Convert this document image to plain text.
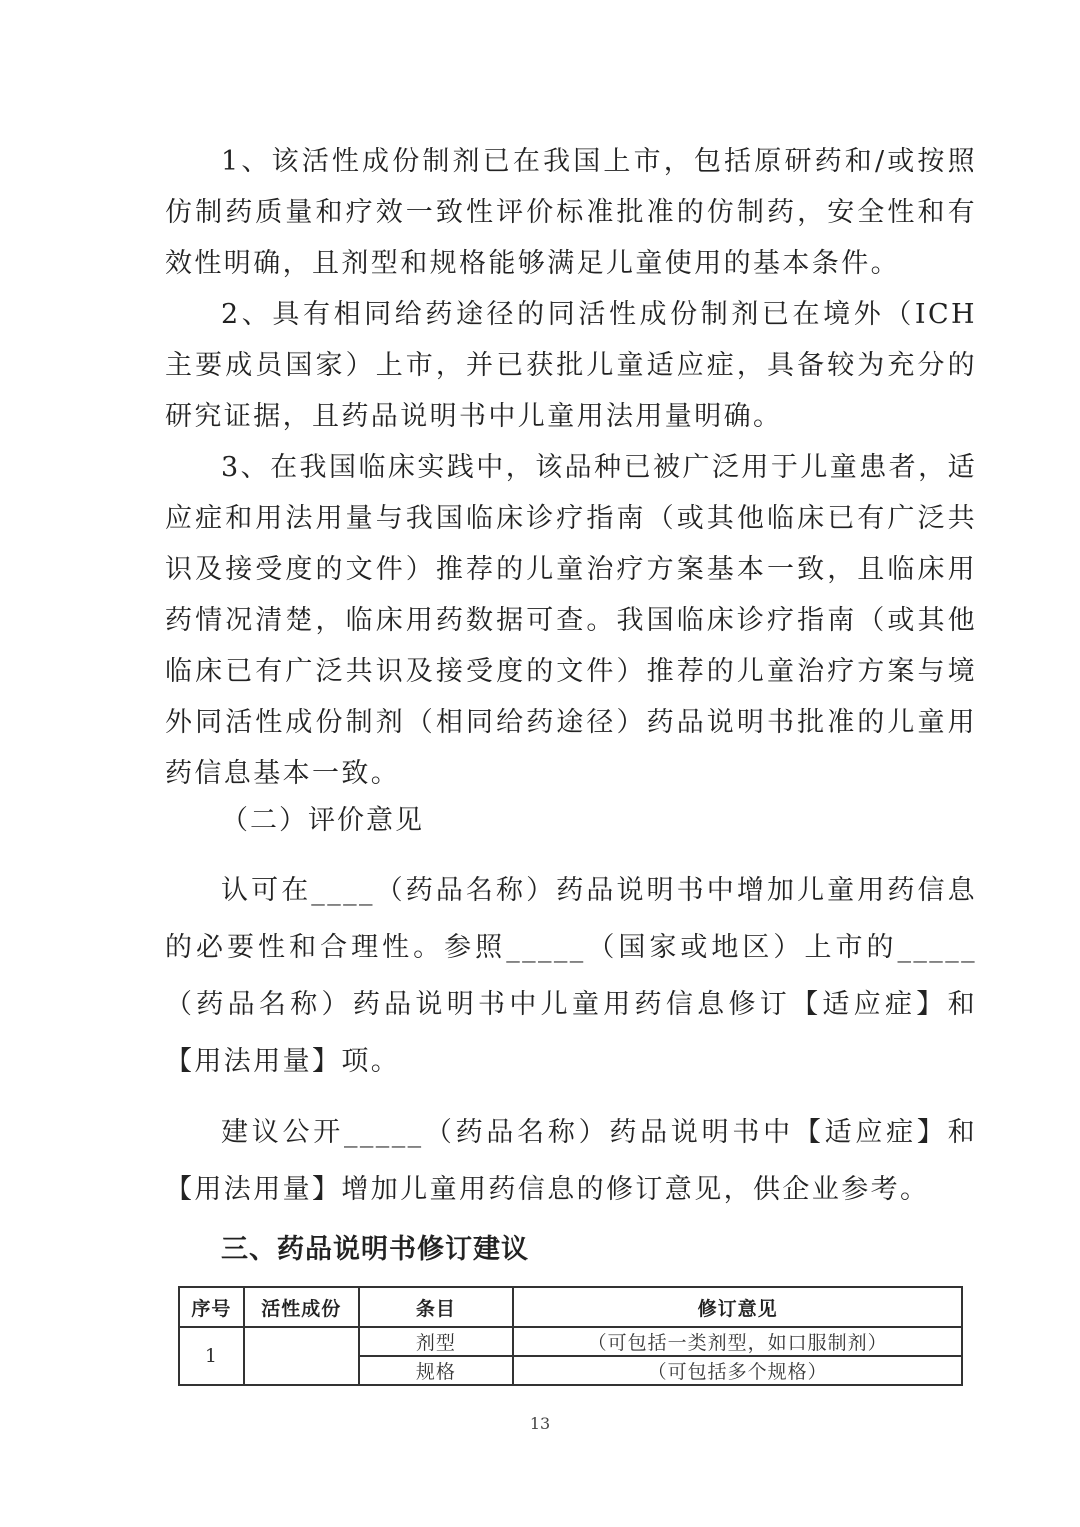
1、该活性成份制剂已在我国上市，包括原研药和/或按照仿制药质量和疗效一致性评价标准批准的仿制药，安全性和有效性明确，且剂型和规格能够满足儿童使用的基本条件。

2、具有相同给药途径的同活性成份制剂已在境外（ICH 主要成员国家）上市，并已获批儿童适应症，具备较为充分的研究证据，且药品说明书中儿童用法用量明确。

3、在我国临床实践中，该品种已被广泛用于儿童患者，适应症和用法用量与我国临床诊疗指南（或其他临床已有广泛共识及接受度的文件）推荐的儿童治疗方案基本一致，且临床用药情况清楚，临床用药数据可查。我国临床诊疗指南（或其他临床已有广泛共识及接受度的文件）推荐的儿童治疗方案与境外同活性成份制剂（相同给药途径）药品说明书批准的儿童用药信息基本一致。

（二）评价意见

认可在____（药品名称）药品说明书中增加儿童用药信息的必要性和合理性。参照_____（国家或地区）上市的_____（药品名称）药品说明书中儿童用药信息修订【适应症】和【用法用量】项。

建议公开_____（药品名称）药品说明书中【适应症】和【用法用量】增加儿童用药信息的修订意见，供企业参考。

三、药品说明书修订建议

序号	活性成份	条目	修订意见
1		剂型	（可包括一类剂型，如口服制剂）
		规格	（可包括多个规格）
13
